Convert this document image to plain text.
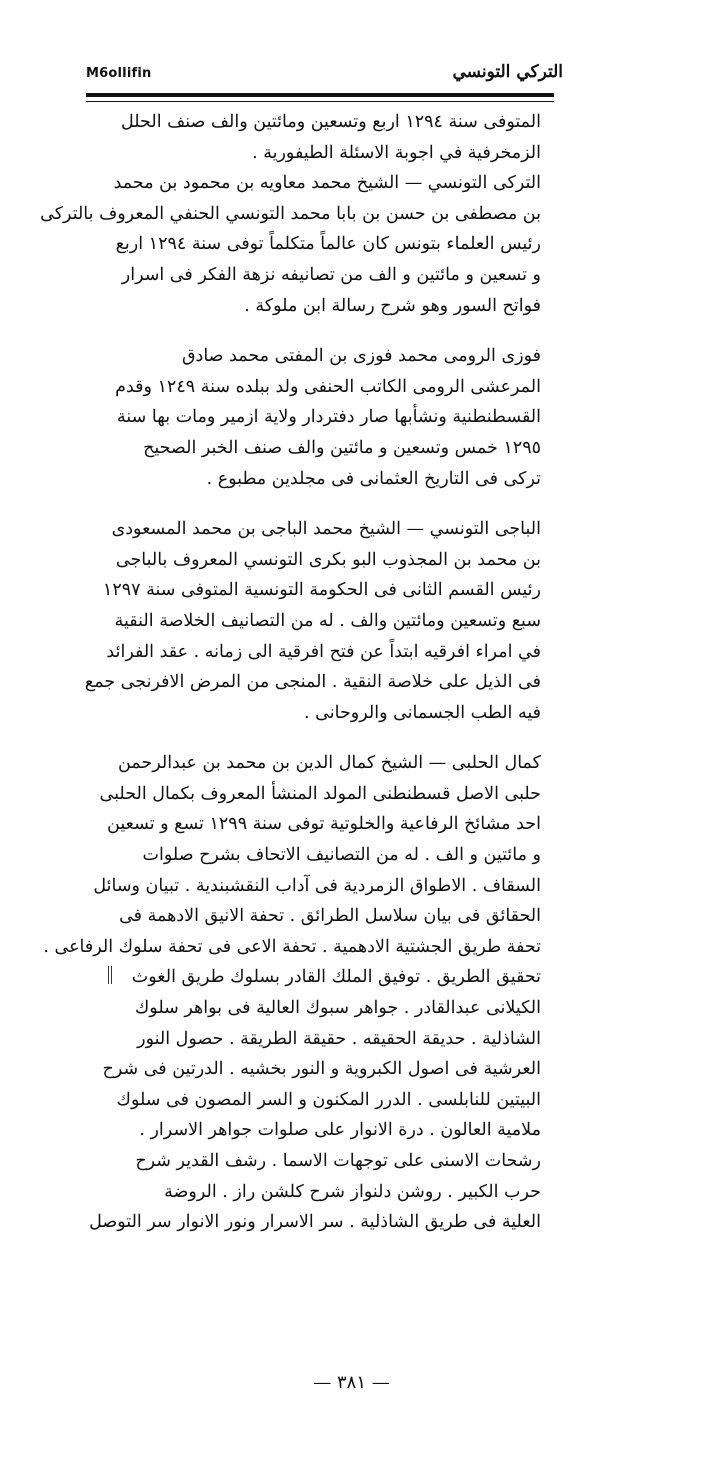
M6ollifin	التركي التونسي

المتوفى سنة ١٢٩٤ اربع وتسعين ومائتين والف صنف الحلل
الزمخرفية في اجوبة الاسئلة الطيفورية .

التركى التونسي — الشيخ محمد معاويه بن محمود بن محمد
بن مصطفى بن حسن بن بابا محمد التونسي الحنفي المعروف بالتركى
رئيس العلماء بتونس كان عالماً متكلماً توفى سنة ١٢٩٤ اربع
و تسعين و مائتين و الف من تصانيفه نزهة الفكر فى اسرار
فواتح السور وهو شرح رسالة ابن ملوكة .

فوزى الرومى محمد فوزى بن المفتى محمد صادق
المرعشى الرومى الكاتب الحنفى ولد ببلده سنة ١٢٤٩ وقدم
القسطنطنية ونشأبها صار دفتردار ولاية ازمير ومات بها سنة
١٢٩٥ خمس وتسعين و مائتين والف صنف الخبر الصحيح
تركى فى التاريخ العثمانى فى مجلدين مطبوع .

الباجى التونسي — الشيخ محمد الباجى بن محمد المسعودى
بن محمد بن المجذوب البو بكرى التونسي المعروف بالباجى
رئيس القسم الثانى فى الحكومة التونسية المتوفى سنة ١٢٩٧
سبع وتسعين ومائتين والف . له من التصانيف الخلاصة النقية
في امراء افرقيه ابتداً عن فتح افرقية الى زمانه . عقد الفرائد
فى الذيل على خلاصة النقية . المنجى من المرض الافرنجى جمع
فيه الطب الجسمانى والروحانى .

كمال الحلبى — الشيخ كمال الدين بن محمد بن عبدالرحمن
حلبى الاصل قسطنطنى المولد المنشأ المعروف بكمال الحلبى
احد مشائخ الرفاعية والخلوتية توفى سنة ١٢٩٩ تسع و تسعين
و مائتين و الف . له من التصانيف الاتحاف بشرح صلوات
السقاف . الاطواق الزمردية فى آداب النقشبندية . تبيان وسائل
الحقائق فى بيان سلاسل الطرائق . تحفة الانيق الادهمة فى
تحفة طريق الجشتية الادهمية . تحفة الاعى فى تحفة سلوك الرفاعى .
تحقيق الطريق . توفيق الملك القادر بسلوك طريق الغوث
الكيلانى عبدالقادر . جواهر سبوك العالية فى بواهر سلوك
الشاذلية . حديقة الحقيقه . حقيقة الطريقة . حصول النور
العرشية فى اصول الكبروية و النور بخشيه . الدرتين فى شرح
البيتين للنابلسى . الدرر المكنون و السر المصون فى سلوك
ملامية العالون . درة الانوار على صلوات جواهر الاسرار .
رشحات الاسنى على توجهات الاسما . رشف القدير شرح
حرب الكبير . روشن دلنواز شرح كلشن راز . الروضة
العلية فى طريق الشاذلية . سر الاسرار ونور الانوار سر التوصل

— ٣٨١ —
